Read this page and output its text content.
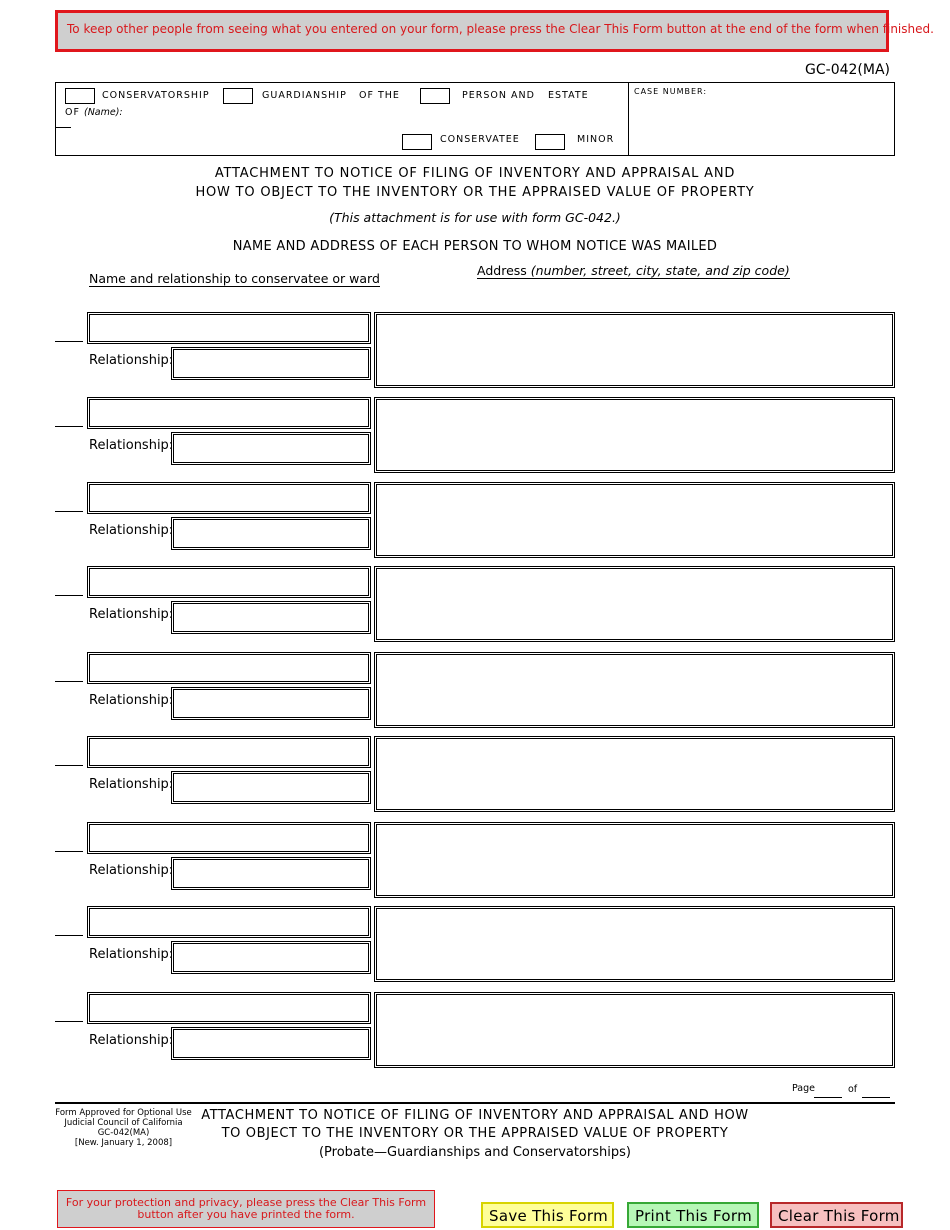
To keep other people from seeing what you entered on your form, please press the Clear This Form button at the end of the form when finished.
GC-042(MA)
CONSERVATORSHIP	GUARDIANSHIP OF THE	PERSON AND ESTATE
OF (Name):
CONSERVATEE	MINOR
CASE NUMBER:
ATTACHMENT TO NOTICE OF FILING OF INVENTORY AND APPRAISAL AND
HOW TO OBJECT TO THE INVENTORY OR THE APPRAISED VALUE OF PROPERTY
(This attachment is for use with form GC-042.)
NAME AND ADDRESS OF EACH PERSON TO WHOM NOTICE WAS MAILED
Name and relationship to conservatee or ward
Address (number, street, city, state, and zip code)
Relationship:
Relationship:
Relationship:
Relationship:
Relationship:
Relationship:
Relationship:
Relationship:
Relationship:
Page	of
Form Approved for Optional Use
Judicial Council of California
GC-042(MA)
[New. January 1, 2008]
ATTACHMENT TO NOTICE OF FILING OF INVENTORY AND APPRAISAL AND HOW
TO OBJECT TO THE INVENTORY OR THE APPRAISED VALUE OF PROPERTY
(Probate—Guardianships and Conservatorships)
For your protection and privacy, please press the Clear This Form button after you have printed the form.	Save This Form	Print This Form	Clear This Form
